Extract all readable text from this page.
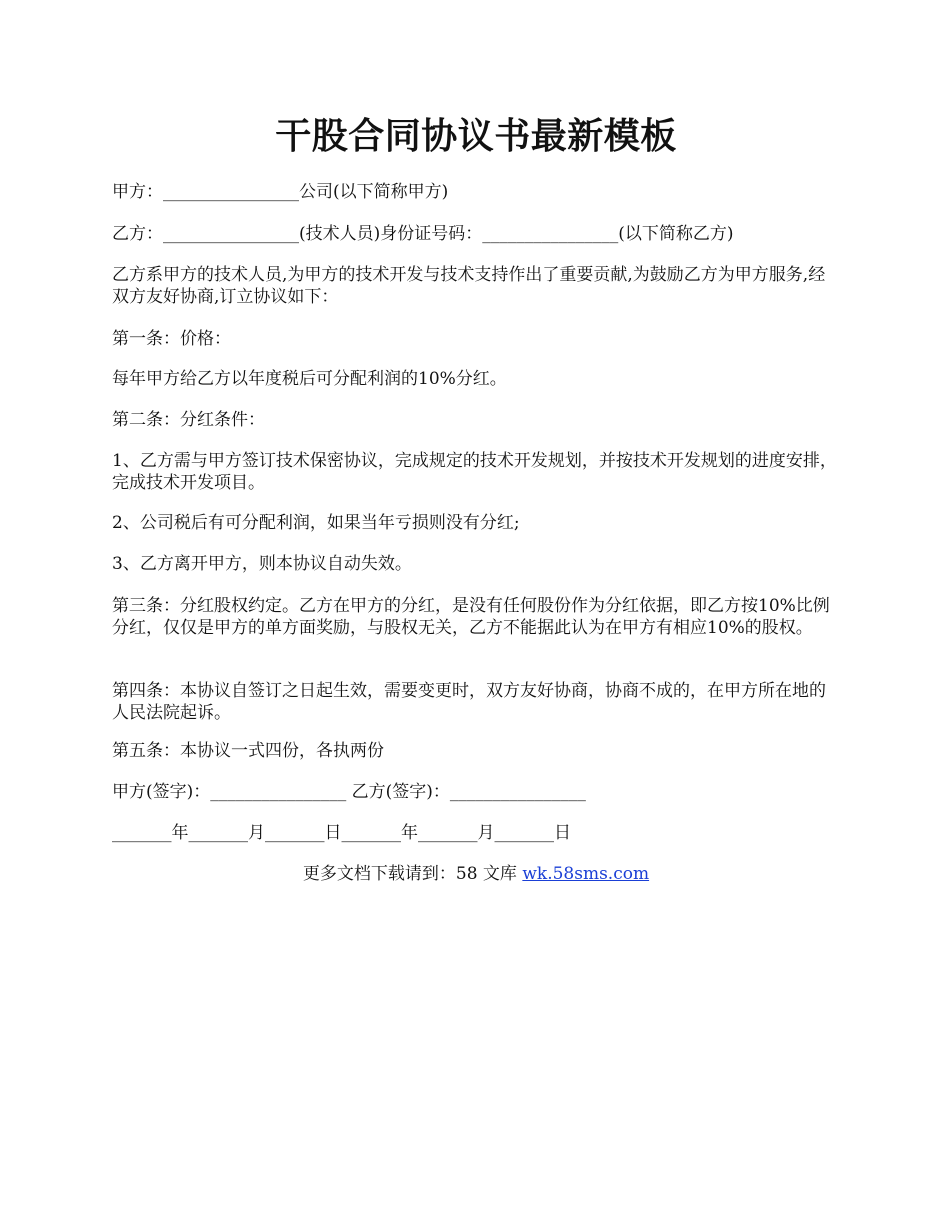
干股合同协议书最新模板

甲方：________________公司(以下简称甲方)

乙方：________________(技术人员)身份证号码：________________(以下简称乙方)

乙方系甲方的技术人员,为甲方的技术开发与技术支持作出了重要贡献,为鼓励乙方为甲方服务,经双方友好协商,订立协议如下：

第一条：价格：

每年甲方给乙方以年度税后可分配利润的10%分红。

第二条：分红条件：

1、乙方需与甲方签订技术保密协议，完成规定的技术开发规划，并按技术开发规划的进度安排，完成技术开发项目。

2、公司税后有可分配利润，如果当年亏损则没有分红;

3、乙方离开甲方，则本协议自动失效。

第三条：分红股权约定。乙方在甲方的分红，是没有任何股份作为分红依据，即乙方按10%比例分红，仅仅是甲方的单方面奖励，与股权无关，乙方不能据此认为在甲方有相应10%的股权。

第四条：本协议自签订之日起生效，需要变更时，双方友好协商，协商不成的，在甲方所在地的人民法院起诉。

第五条：本协议一式四份，各执两份

甲方(签字)：________________ 乙方(签字)：________________

_______年_______月_______日_______年_______月_______日

更多文档下载请到：58 文库 wk.58sms.com
